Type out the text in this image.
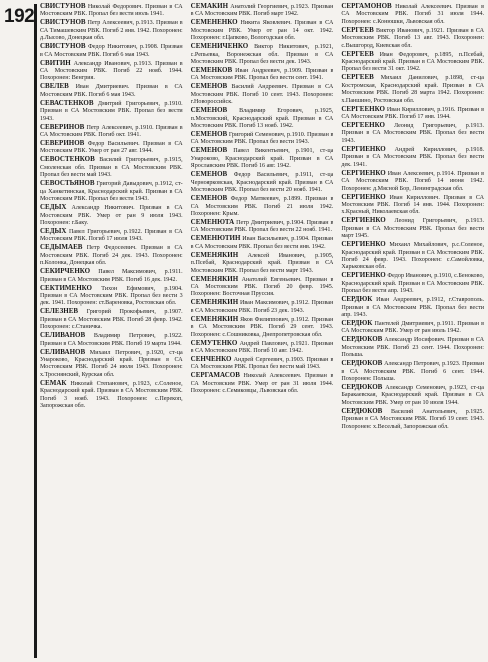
192 СВИСТУНОВ Николай Федорович. Призван в СА Мостовским РВК. Пропал без вести июль 1941.
СВИСТУНОВ Петр Алексеевич, р.1913. Призван в СА Тимашевским РВК. Погиб 2 янв. 1942. Похоронен: д.Лысово, Донецкая обл.
СВИСТУНОВ Федор Никитович, р.1908. Призван в СА Мостовским РВК. Погиб 6 мая 1943.
СВИТИН Александр Иванович, р.1913. Призван в СА Мостовским РВК. Погиб 22 нояб. 1944. Похоронен: Венгрия.
СВЕЛЕВ Иван Дмитриевич. Призван в СА Мостовским РВК. Погиб 6 мая 1943.
СЕВАСТЕНКОВ Дмитрий Григорьевич, р.1910. Призван в СА Мостовским РВК. Пропал без вести 1943.
СЕВЕРИНОВ Петр Алексеевич, р.1910. Призван в СА Мостовским РВК. Погиб окт. 1941.
СЕВЕРИНОВ Федор Васильевич. Призван в СА Мостовским РВК. Умер от ран 27 авг. 1944.
СЕВОСТЕНКОВ Василий Григорьевич, р.1915, Смоленская обл. Призван в СА Мостовским РВК. Пропал без вести май 1943.
СЕВОСТЬЯНОВ Григорий Давыдович, р.1912, ст-ца Ханкетинская, Краснодарский край. Призван в СА Мостовским РВК. Пропал без вести 1943.
СЕДЫХ Александр Никитович. Призван в СА Мостовским РВК. Умер от ран 9 июля 1943. Похоронен: г.Баку.
СЕДЫХ Павел Григорьевич, р.1922. Призван в СА Мостовским РВК. Погиб 17 июля 1943.
СЕДЫМАЕВ Петр Федосеевич. Призван в СА Мостовским РВК. Погиб 24 дек. 1943. Похоронен: п.Колонка, Донецкая обл.
СЕКИРЧЕНКО Павел Максимович, р.1911. Призван в СА Мостовским РВК. Погиб 16 дек. 1942.
СЕКТИМЕНКО Тихон Ефимович, р.1904. Призван в СА Мостовским РВК. Пропал без вести 3 дек. 1941. Похоронен: ст.Вареновка, Ростовская обл.
СЕЛЕЗНЕВ Григорий Прокофьевич, р.1907. Призван в СА Мостовским РВК. Погиб 28 февр. 1942. Похоронен: с.Станичка.
СЕЛИВАНОВ Владимир Петрович, р.1922. Призван в СА Мостовским РВК. Погиб 19 марта 1944.
СЕЛИВАНОВ Михаил Петрович, р.1920, ст-ца Унароково, Краснодарский край. Призван в СА Мостовским РВК. Погиб 24 июля 1943. Похоронен: х.Троснянский, Курская обл.
СЕМАК Николай Степанович, р.1923, с.Соленое, Краснодарский край. Призван в СА Мостовским РВК. Погиб 3 нояб. 1943. Похоронен: с.Перекоп, Запорожская обл.
СЕМАКИН Анатолий Георгиевич, р.1923. Призван в СА Мостовским РВК. Погиб март 1942.
СЕМЕНЕНКО Никита Яковлевич. Призван в СА Мостовским РВК. Умер от ран 14 окт. 1942. Похоронен: г.Цапково, Вологодская обл.
СЕМЕНИЧЕНКО Виктор Никитович, р.1921, с.Репьевка, Воронежская обл. Призван в СА Мостовским РВК. Пропал без вести дек. 1943.
СЕМЕНКОВ Иван Андреевич, р.1909. Призван в СА Мостовским РВК. Пропал без вести сент. 1941.
СЕМЕНОВ Василий Андреевич. Призван в СА Мостовским РВК. Погиб 10 сент. 1943. Похоронен: г.Новороссийск.
СЕМЕНОВ Владимир Егорович, р.1925, п.Мостовский, Краснодарский край. Призван в СА Мостовским РВК. Погиб 13 нояб. 1942.
СЕМЕНОВ Григорий Семенович, р.1910. Призван в СА Мостовским РВК. Пропал без вести 1943.
СЕМЕНОВ Павел Викентьевич, р.1901, ст-ца Унароково, Краснодарский край. Призван в СА Ярославским РВК. Погиб 16 авг. 1942.
СЕМЕНОВ Федор Васильевич, р.1911, ст-ца Черноярковская, Краснодарский край. Призван в СА Мостовским РВК. Пропал без вести 20 нояб. 1941.
СЕМЕНОВ Федор Матвеевич, р.1899. Призван в СА Мостовским РВК. Погиб 21 июля 1942. Похоронен: Крым.
СЕМЕНЮТА Петр Дмитриевич, р.1904. Призван в СА Мостовским РВК. Пропал без вести 22 нояб. 1941.
СЕМЕНЮТИН Иван Васильевич, р.1904. Призван в СА Мостовским РВК. Пропал без вести янв. 1942.
СЕМЕНЯКИН Алексей Иванович, р.1905, п.Псебай, Краснодарский край. Призван в СА Мостовским РВК. Пропал без вести март 1943.
СЕМЕНЯКИН Анатолий Евгеньевич. Призван в СА Мостовским РВК. Погиб 20 февр. 1945. Похоронен: Восточная Пруссия.
СЕМЕНЯКИН Иван Максимович, р.1912. Призван в СА Мостовским РВК. Погиб 23 дек. 1943.
СЕМЕНЯКИН Яков Филиппович, р.1912. Призван в СА Мостовским РВК. Погиб 29 сент. 1943. Похоронен: с.Сошниковка, Днепропетровская обл.
СЕМУТЕНКО Андрей Павлович, р.1921. Призван в СА Мостовским РВК. Погиб 10 авг. 1942.
СЕНЧЕНКО Андрей Сергеевич, р.1903. Призван в СА Мостовским РВК. Пропал без вести май 1943.
СЕРГАМАСОВ Николай Алексеевич. Призван в СА Мостовским РВК. Умер от ран 31 июля 1944. Похоронен: с.Семиковцы, Львовская обл.
СЕРГАМОНОВ Николай Алексеевич. Призван в СА Мостовским РВК. Погиб 31 июля 1944. Похоронен: с.Конюшки, Львовская обл.
СЕРГЕЕВ Виктор Иванович, р.1921. Призван в СА Мостовским РВК. Погиб 13 авг. 1943. Похоронен: с.Вышгород, Киевская обл.
СЕРГЕЕВ Иван Федорович, р.1895, п.Псебай, Краснодарский край. Призван в СА Мостовским РВК. Пропал без вести 31 окт. 1942.
СЕРГЕЕВ Михаил Данилович, р.1898, ст-ца Костромская, Краснодарский край. Призван в СА Мостовским РВК. Погиб 28 марта 1942. Похоронен: х.Паншино, Ростовская обл.
СЕРГЕЕНКО Иван Кириллович, р.1916. Призван в СА Мостовским РВК. Погиб 17 янв. 1944.
СЕРГЕЕНКО Леонид Григорьевич, р.1913. Призван в СА Мостовским РВК. Пропал без вести 1943.
СЕРГИЕНКО Андрей Кириллович, р.1918. Призван в СА Мостовским РВК. Пропал без вести дек. 1941.
СЕРГИЕНКО Иван Алексеевич, р.1914. Призван в СА Мостовским РВК. Погиб 14 июня 1942. Похоронен: д.Мясной Бор, Ленинградская обл.
СЕРГИЕНКО Иван Кириллович. Призван в СА Мостовским РВК. Погиб 14 янв. 1944. Похоронен: х.Красный, Николаевская обл.
СЕРГИЕНКО Леонид Григорьевич, р.1913. Призван в СА Мостовским РВК. Пропал без вести март 1945.
СЕРГИЕНКО Михаил Михайлович, р.с.Соленое, Краснодарский край. Призван в СА Мостовским РВК. Погиб 24 февр. 1943. Похоронен: с.Самойловка, Харьковская обл.
СЕРГИЕНКО Федор Иванович, р.1910, с.Беноково, Краснодарский край. Призван в СА Мостовским РВК. Пропал без вести апр. 1943.
СЕРДЮК Иван Андреевич, р.1912, г.Ставрополь. Призван в СА Мостовским РВК. Пропал без вести апр. 1943.
СЕРДЮК Пантелей Дмитриевич, р.1911. Призван в СА Мостовским РВК. Умер от ран июль 1942.
СЕРДЮКОВ Александр Иосифович. Призван в СА Мостовским РВК. Погиб 23 сент. 1944. Похоронен: Польша.
СЕРДЮКОВ Александр Петрович, р.1923. Призван в СА Мостовским РВК. Погиб 6 сент. 1944. Похоронен: Польша.
СЕРДЮКОВ Александр Семенович, р.1923, ст-ца Баракаевская, Краснодарский край. Призван в СА Мостовским РВК. Умер от ран 10 июля 1944.
СЕРДЮКОВ Василий Анатольевич, р.1925. Призван в СА Мостовским РВК. Погиб 19 сент. 1943. Похоронен: х.Веселый, Запорожская обл.
